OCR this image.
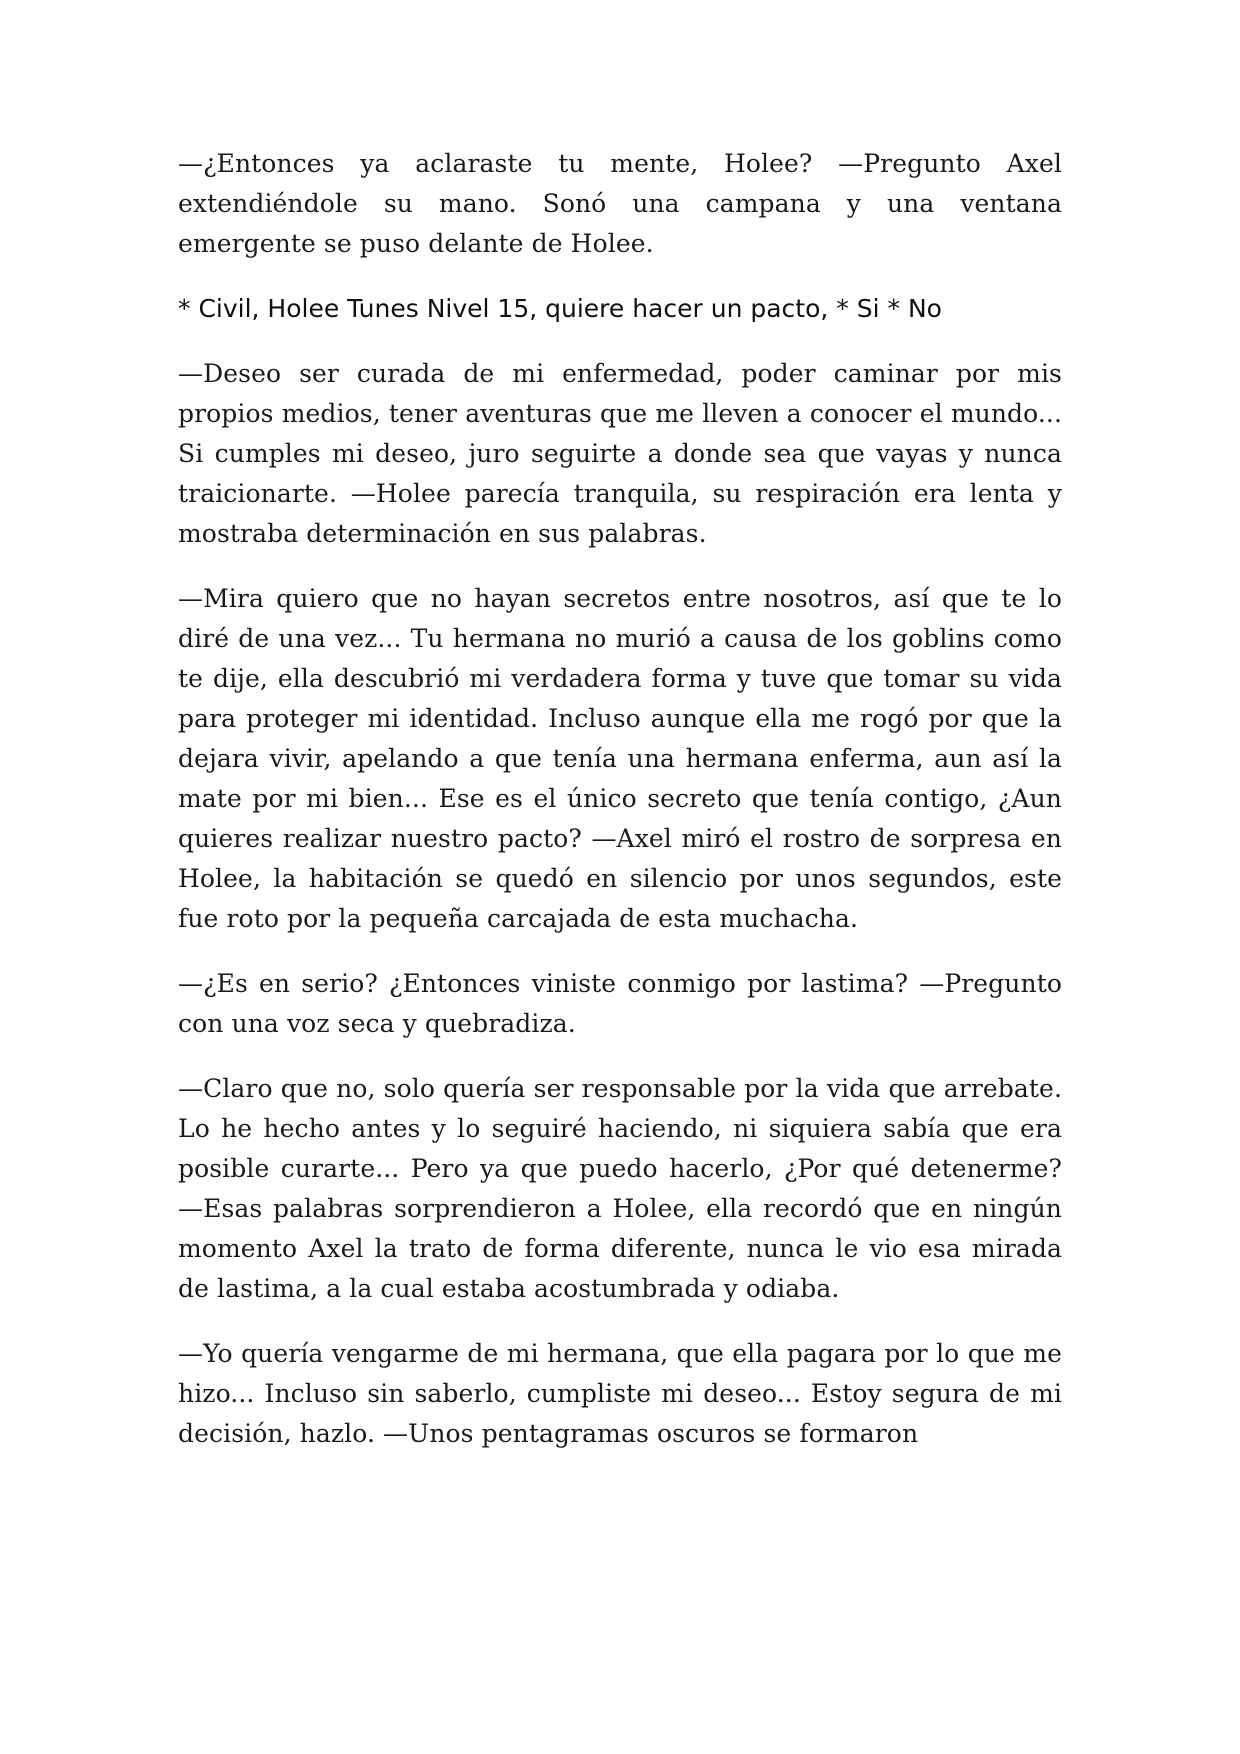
—¿Entonces ya aclaraste tu mente, Holee? —Pregunto Axel extendiéndole su mano. Sonó una campana y una ventana emergente se puso delante de Holee.

* Civil, Holee Tunes Nivel 15, quiere hacer un pacto, * Si * No

—Deseo ser curada de mi enfermedad, poder caminar por mis propios medios, tener aventuras que me lleven a conocer el mundo... Si cumples mi deseo, juro seguirte a donde sea que vayas y nunca traicionarte. —Holee parecía tranquila, su respiración era lenta y mostraba determinación en sus palabras.

—Mira quiero que no hayan secretos entre nosotros, así que te lo diré de una vez... Tu hermana no murió a causa de los goblins como te dije, ella descubrió mi verdadera forma y tuve que tomar su vida para proteger mi identidad. Incluso aunque ella me rogó por que la dejara vivir, apelando a que tenía una hermana enferma, aun así la mate por mi bien... Ese es el único secreto que tenía contigo, ¿Aun quieres realizar nuestro pacto? —Axel miró el rostro de sorpresa en Holee, la habitación se quedó en silencio por unos segundos, este fue roto por la pequeña carcajada de esta muchacha.

—¿Es en serio? ¿Entonces viniste conmigo por lastima? —Pregunto con una voz seca y quebradiza.

—Claro que no, solo quería ser responsable por la vida que arrebate. Lo he hecho antes y lo seguiré haciendo, ni siquiera sabía que era posible curarte... Pero ya que puedo hacerlo, ¿Por qué detenerme? —Esas palabras sorprendieron a Holee, ella recordó que en ningún momento Axel la trato de forma diferente, nunca le vio esa mirada de lastima, a la cual estaba acostumbrada y odiaba.

—Yo quería vengarme de mi hermana, que ella pagara por lo que me hizo... Incluso sin saberlo, cumpliste mi deseo... Estoy segura de mi decisión, hazlo. —Unos pentagramas oscuros se formaron
